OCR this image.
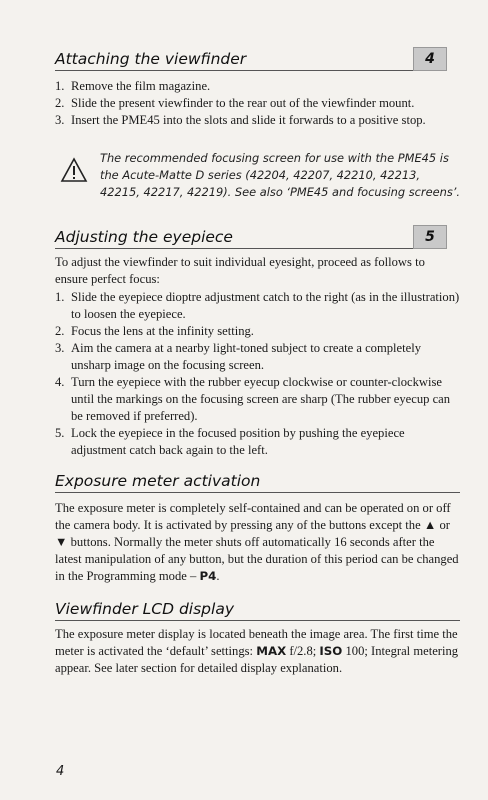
Attaching the viewfinder	4
1. Remove the film magazine.
2. Slide the present viewfinder to the rear out of the viewfinder mount.
3. Insert the PME45 into the slots and slide it forwards to a positive stop.
The recommended focusing screen for use with the PME45 is the Acute-Matte D series (42204, 42207, 42210, 42213, 42215, 42217, 42219). See also ‘PME45 and focusing screens’.
Adjusting the eyepiece	5

To adjust the viewfinder to suit individual eyesight, proceed as follows to ensure perfect focus:

1. Slide the eyepiece dioptre adjustment catch to the right (as in the illustration) to loosen the eyepiece.
2. Focus the lens at the infinity setting.
3. Aim the camera at a nearby light-toned subject to create a completely unsharp image on the focusing screen.
4. Turn the eyepiece with the rubber eyecup clockwise or counter-clockwise until the markings on the focusing screen are sharp (The rubber eyecup can be removed if preferred).
5. Lock the eyepiece in the focused position by pushing the eyepiece adjustment catch back again to the left.
Exposure meter activation

The exposure meter is completely self-contained and can be operated on or off the camera body. It is activated by pressing any of the buttons except the ▲ or ▼ buttons. Normally the meter shuts off automatically 16 seconds after the latest manipulation of any button, but the duration of this period can be changed in the Programming mode – P4.

Viewfinder LCD display

The exposure meter display is located beneath the image area. The first time the meter is activated the ‘default’ settings: MAX f/2.8; ISO 100; Integral metering appear. See later section for detailed display explanation.

4
